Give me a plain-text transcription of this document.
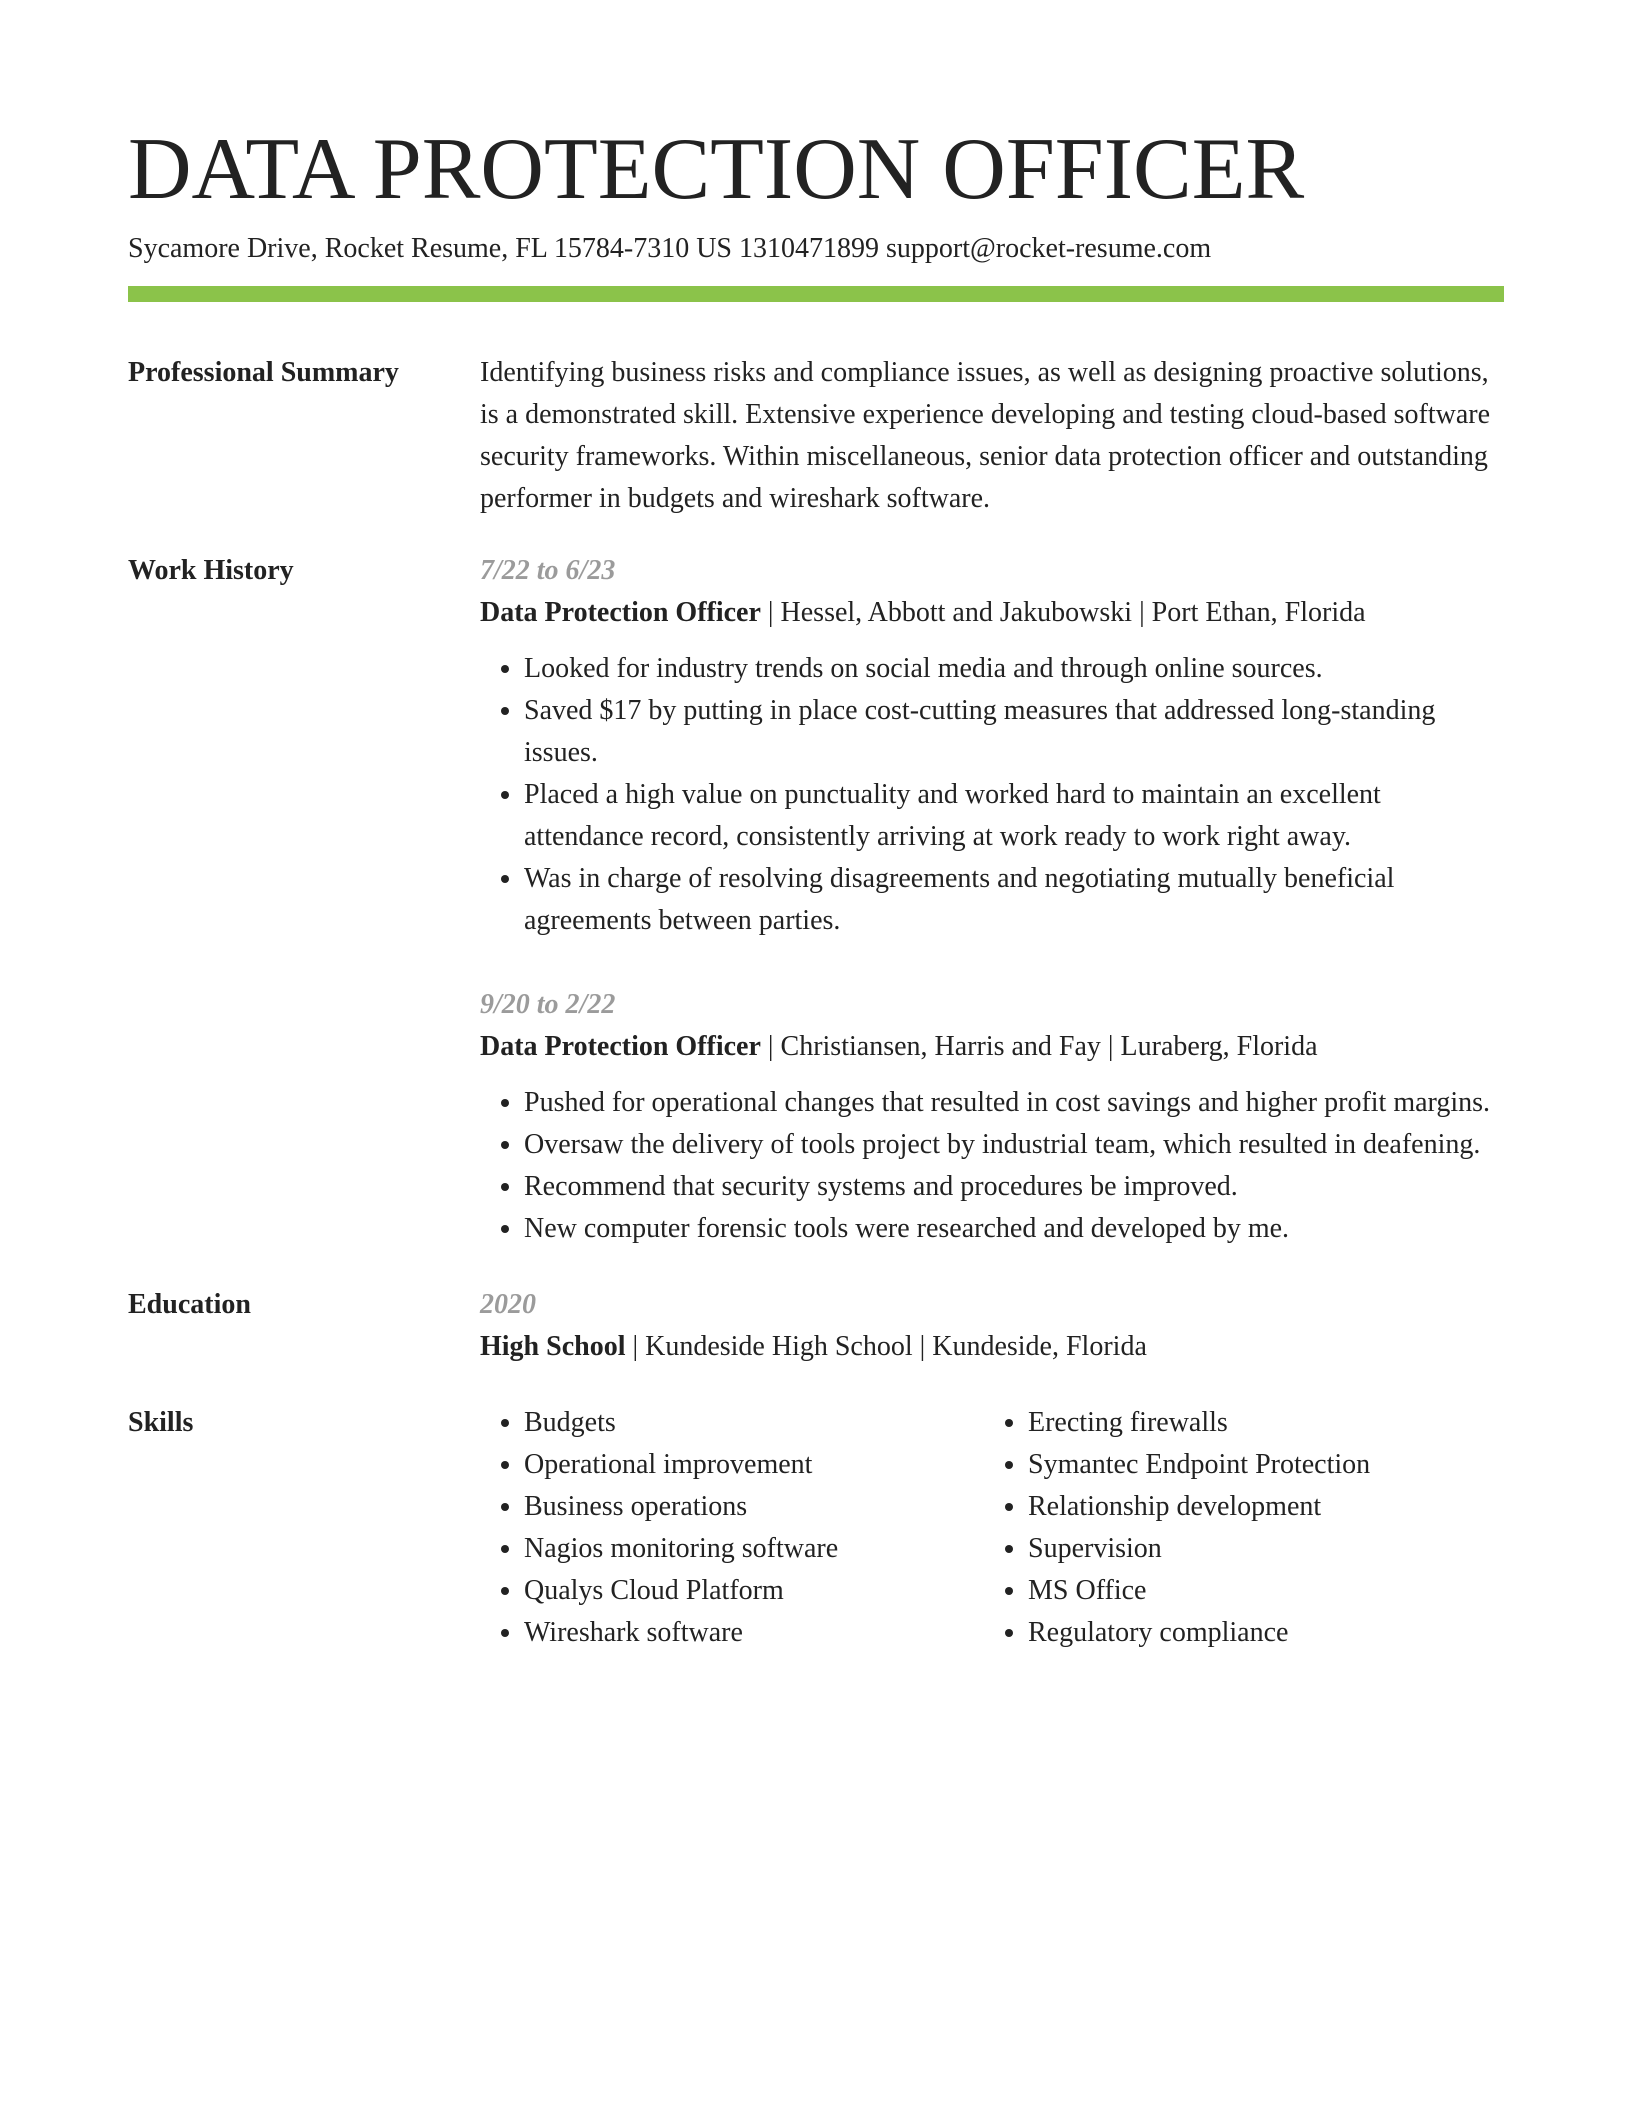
DATA PROTECTION OFFICER
Sycamore Drive, Rocket Resume, FL 15784-7310 US 1310471899 support@rocket-resume.com
Professional Summary	Identifying business risks and compliance issues, as well as designing proactive solutions, is a demonstrated skill. Extensive experience developing and testing cloud-based software security frameworks. Within miscellaneous, senior data protection officer and outstanding performer in budgets and wireshark software.
Work History	7/22 to 6/23
Data Protection Officer | Hessel, Abbott and Jakubowski | Port Ethan, Florida
• Looked for industry trends on social media and through online sources.
• Saved $17 by putting in place cost-cutting measures that addressed long-standing issues.
• Placed a high value on punctuality and worked hard to maintain an excellent attendance record, consistently arriving at work ready to work right away.
• Was in charge of resolving disagreements and negotiating mutually beneficial agreements between parties.
9/20 to 2/22
Data Protection Officer | Christiansen, Harris and Fay | Luraberg, Florida
• Pushed for operational changes that resulted in cost savings and higher profit margins.
• Oversaw the delivery of tools project by industrial team, which resulted in deafening.
• Recommend that security systems and procedures be improved.
• New computer forensic tools were researched and developed by me.
Education	2020
High School | Kundeside High School | Kundeside, Florida
Skills
•	Budgets
• Operational improvement
• Business operations
• Nagios monitoring software
• Qualys Cloud Platform
• Wireshark software
• Erecting firewalls
• Symantec Endpoint Protection
• Relationship development
• Supervision
• MS Office
• Regulatory compliance
